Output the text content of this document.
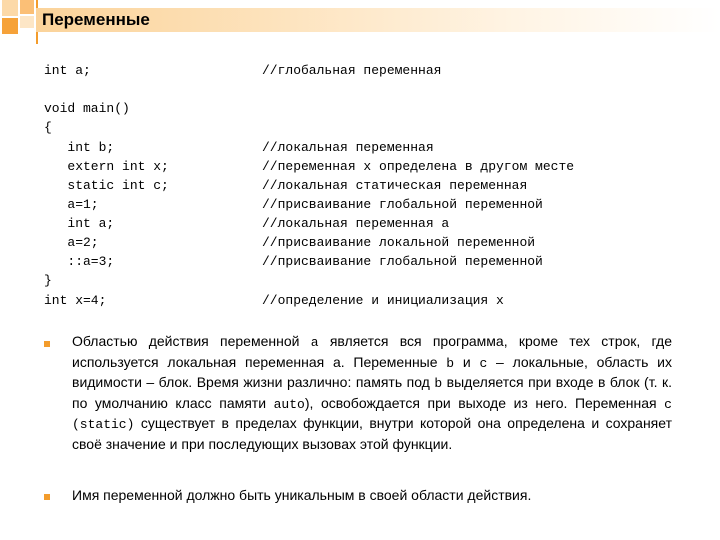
Переменные
int a;	//глобальная переменная
void main()
{
int b;	//локальная переменная
extern int x;	//переменная х определена в другом месте
static int c;	//локальная статическая переменная
a=1;	//присваивание глобальной переменной
int a;	//локальная переменная а
a=2;	//присваивание локальной переменной
::a=3;	//присваивание глобальной переменной
}
int x=4;	//определение и инициализация х
Областью действия переменной a является вся программа, кроме тех строк, где используется локальная переменная а. Переменные b и c – локальные, область их видимости – блок. Время жизни различно: память под b выделяется при входе в блок (т. к. по умолчанию класс памяти auto), освобождается при выходе из него. Переменная c (static) существует в пределах функции, внутри которой она определена и сохраняет своё значение и при последующих вызовах этой функции.
Имя переменной должно быть уникальным в своей области действия.
